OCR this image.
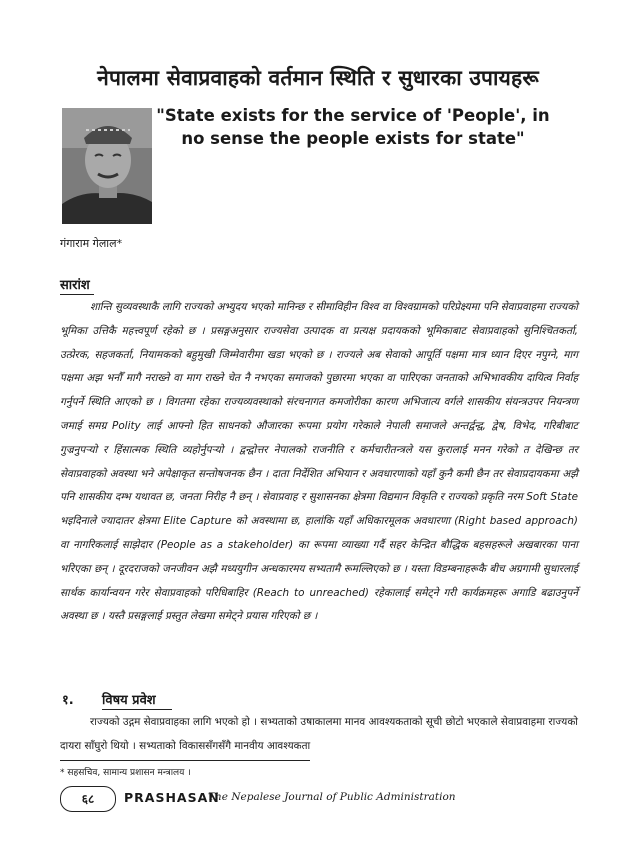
नेपालमा सेवाप्रवाहको वर्तमान स्थिति र सुधारका उपायहरू
"State exists for the service of 'People', in
no sense the people exists for state"
गंगाराम गेलाल*
सारांश
शान्ति सुव्यवस्थाकै लागि राज्यको अभ्युदय भएको मानिन्छ र सीमाविहीन विश्व वा विश्वग्रामको परिप्रेक्ष्यमा पनि सेवाप्रवाहमा राज्यको भूमिका उत्तिकै महत्त्वपूर्ण रहेको छ । प्रसङ्गअनुसार राज्यसेवा उत्पादक वा प्रत्यक्ष प्रदायकको भूमिकाबाट सेवाप्रवाहको सुनिश्चितकर्ता, उत्प्रेरक, सहजकर्ता, नियामकको बहुमुखी जिम्मेवारीमा खडा भएको छ । राज्यले अब सेवाको आपूर्ति पक्षमा मात्र ध्यान दिएर नपुग्ने, माग पक्षमा अझ भनौँ मागै नराख्ने वा माग राख्ने चेत नै नभएका समाजको पुछारमा भएका वा पारिएका जनताको अभिभावकीय दायित्व निर्वाह गर्नुपर्ने स्थिति आएको छ । विगतमा रहेका राज्यव्यवस्थाको संरचनागत कमजोरीका कारण अभिजात्य वर्गले शासकीय संयन्त्रउपर नियन्त्रण जमाई समग्र Polity लाई आफ्नो हित साधनको औजारका रूपमा प्रयोग गरेकाले नेपाली समाजले अन्तर्द्वन्द्व, द्वेष, विभेद, गरिबीबाट गुज्रनुपर्‍यो र हिंसात्मक स्थिति व्यहोर्नुपर्‍यो । द्वन्द्वोत्तर नेपालको राजनीति र कर्मचारीतन्त्रले यस कुरालाई मनन गरेको त देखिन्छ तर सेवाप्रवाहको अवस्था भने अपेक्षाकृत सन्तोषजनक छैन । दाता निर्देशित अभियान र अवधारणाको यहाँ कुनै कमी छैन तर सेवाप्रदायकमा अझै पनि शासकीय दम्भ यथावत छ, जनता निरीह नै छन् । सेवाप्रवाह र सुशासनका क्षेत्रमा विद्यमान विकृति र राज्यको प्रकृति नरम Soft State भइदिनाले ज्यादातर क्षेत्रमा Elite Capture को अवस्थामा छ, हालांकि यहाँ अधिकारमूलक अवधारणा (Right based approach) वा नागरिकलाई साझेदार (People as a stakeholder) का रूपमा व्याख्या गर्दै सहर केन्द्रित बौद्धिक बहसहरूले अखबारका पाना भरिएका छन् । दूरदराजको जनजीवन अझै मध्ययुगीन अन्धकारमय सभ्यतामै रूमल्लिएको छ । यस्ता विडम्बनाहरूकै बीच अग्रगामी सुधारलाई सार्थक कार्यान्वयन गरेर सेवाप्रवाहको परिधिबाहिर (Reach to unreached) रहेकालाई समेट्ने गरी कार्यक्रमहरू अगाडि बढाउनुपर्ने अवस्था छ । यस्तै प्रसङ्गलाई प्रस्तुत लेखमा समेट्ने प्रयास गरिएको छ ।
१. विषय प्रवेश
राज्यको उद्गम सेवाप्रवाहका लागि भएको हो । सभ्यताको उषाकालमा मानव आवश्यकताको सूची छोटो भएकाले सेवाप्रवाहमा राज्यको दायरा साँघुरो थियो । सभ्यताको विकाससँगसँगै मानवीय आवश्यकता
* सहसचिव, सामान्य प्रशासन मन्त्रालय ।
६८	PRASHASAN
The Nepalese Journal of Public Administration
